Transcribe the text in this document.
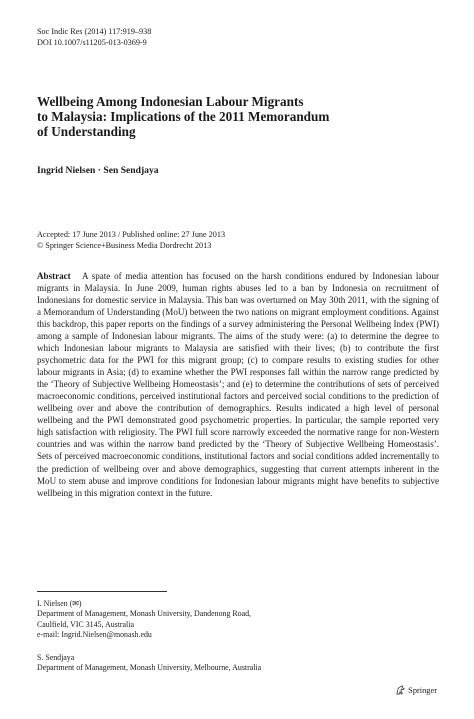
Soc Indic Res (2014) 117:919–938
DOI 10.1007/s11205-013-0369-9
Wellbeing Among Indonesian Labour Migrants
to Malaysia: Implications of the 2011 Memorandum
of Understanding
Ingrid Nielsen · Sen Sendjaya
Accepted: 17 June 2013 / Published online: 27 June 2013
© Springer Science+Business Media Dordrecht 2013
Abstract A spate of media attention has focused on the harsh conditions endured by Indonesian labour migrants in Malaysia. In June 2009, human rights abuses led to a ban by Indonesia on recruitment of Indonesians for domestic service in Malaysia. This ban was overturned on May 30th 2011, with the signing of a Memorandum of Understanding (MoU) between the two nations on migrant employment conditions. Against this backdrop, this paper reports on the findings of a survey administering the Personal Wellbeing Index (PWI) among a sample of Indonesian labour migrants. The aims of the study were: (a) to determine the degree to which Indonesian labour migrants to Malaysia are satisfied with their lives; (b) to contribute the first psychometric data for the PWI for this migrant group; (c) to compare results to existing studies for other labour migrants in Asia; (d) to examine whether the PWI responses fall within the narrow range predicted by the ‘Theory of Subjective Wellbeing Homeostasis’; and (e) to determine the contributions of sets of perceived macroeconomic conditions, perceived institutional factors and perceived social conditions to the prediction of wellbeing over and above the contribution of demographics. Results indicated a high level of personal wellbeing and the PWI demonstrated good psychometric properties. In particular, the sample reported very high satisfaction with religiosity. The PWI full score narrowly exceeded the normative range for non-Western countries and was within the narrow band predicted by the ‘Theory of Subjective Wellbeing Homeostasis’. Sets of perceived macroeconomic conditions, institutional factors and social conditions added incrementally to the prediction of wellbeing over and above demographics, suggesting that current attempts inherent in the MoU to stem abuse and improve conditions for Indonesian labour migrants might have benefits to subjective wellbeing in this migration context in the future.
I. Nielsen (✉)
Department of Management, Monash University, Dandenong Road,
Caulfield, VIC 3145, Australia
e-mail: Ingrid.Nielsen@monash.edu
S. Sendjaya
Department of Management, Monash University, Melbourne, Australia
Springer
